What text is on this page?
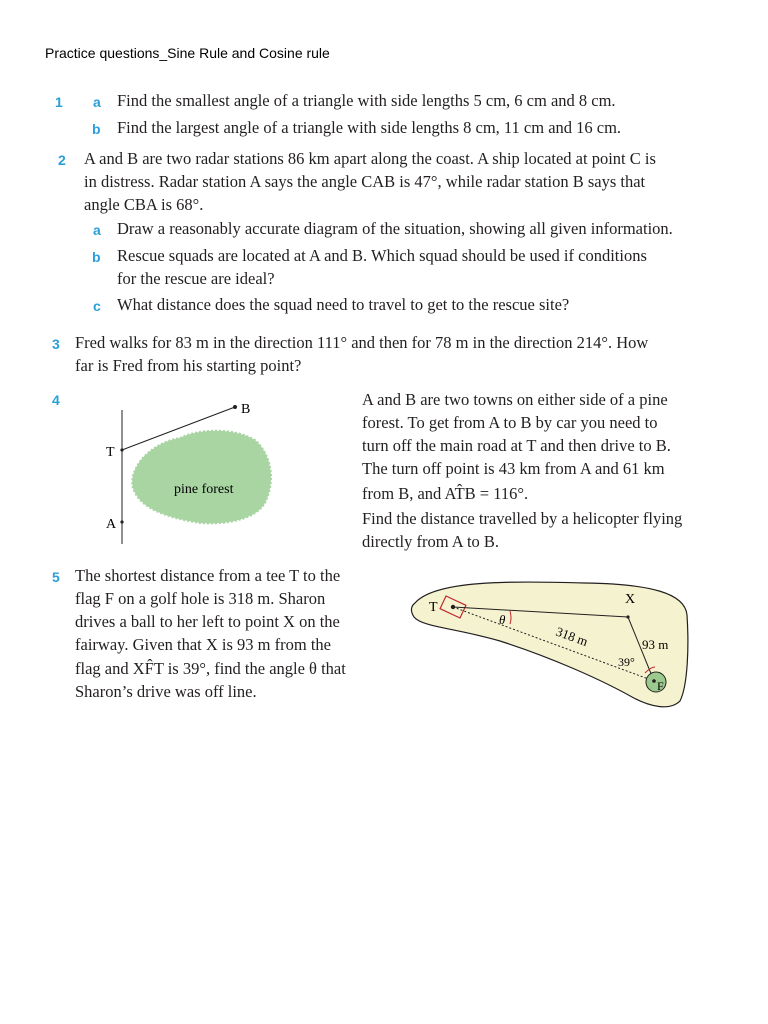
Practice questions_Sine Rule and Cosine rule
1 a Find the smallest angle of a triangle with side lengths 5 cm, 6 cm and 8 cm.
b Find the largest angle of a triangle with side lengths 8 cm, 11 cm and 16 cm.
2 A and B are two radar stations 86 km apart along the coast. A ship located at point C is
in distress. Radar station A says the angle CAB is 47°, while radar station B says that
angle CBA is 68°.
a Draw a reasonably accurate diagram of the situation, showing all given information.
b Rescue squads are located at A and B. Which squad should be used if conditions
for the rescue are ideal?
c What distance does the squad need to travel to get to the rescue site?
3 Fred walks for 83 m in the direction 111° and then for 78 m in the direction 214°. How
far is Fred from his starting point?
4
B
T
A
pine forest
A and B are two towns on either side of a pine
forest. To get from A to B by car you need to
turn off the main road at T and then drive to B.
The turn off point is 43 km from A and 61 km
from B, and AT̂B = 116°.
Find the distance travelled by a helicopter flying
directly from A to B.
5 The shortest distance from a tee T to the
flag F on a golf hole is 318 m. Sharon
drives a ball to her left to point X on the
fairway. Given that X is 93 m from the
flag and XF̂T is 39°, find the angle θ that
Sharon’s drive was off line.
T
X
F
θ
318 m	93 m
39°
